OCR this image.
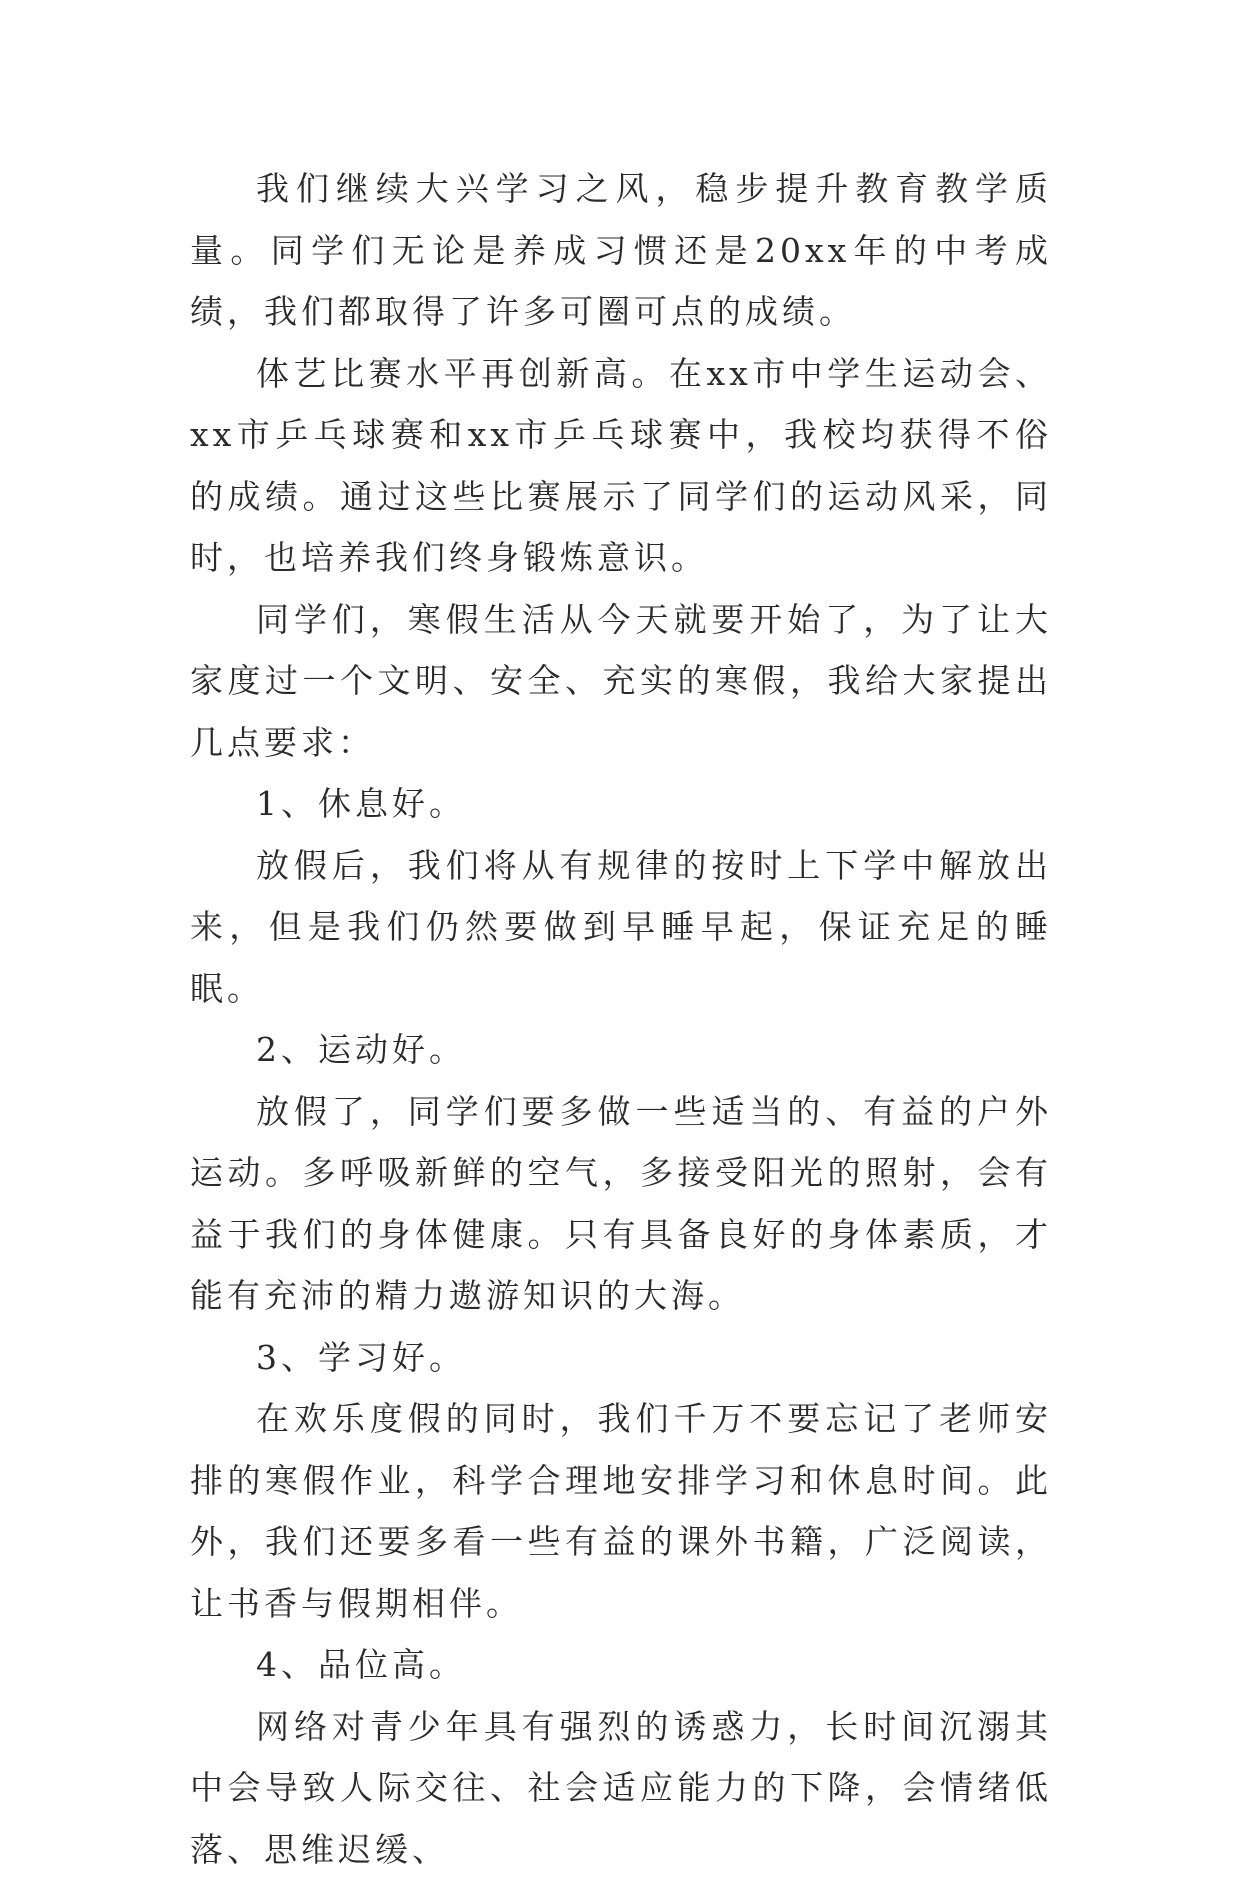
我们继续大兴学习之风，稳步提升教育教学质量。同学们无论是养成习惯还是20xx年的中考成绩，我们都取得了许多可圈可点的成绩。

体艺比赛水平再创新高。在xx市中学生运动会、xx市乒乓球赛和xx市乒乓球赛中，我校均获得不俗的成绩。通过这些比赛展示了同学们的运动风采，同时，也培养我们终身锻炼意识。

同学们，寒假生活从今天就要开始了，为了让大家度过一个文明、安全、充实的寒假，我给大家提出几点要求：

1、休息好。

放假后，我们将从有规律的按时上下学中解放出来，但是我们仍然要做到早睡早起，保证充足的睡眠。

2、运动好。

放假了，同学们要多做一些适当的、有益的户外运动。多呼吸新鲜的空气，多接受阳光的照射，会有益于我们的身体健康。只有具备良好的身体素质，才能有充沛的精力遨游知识的大海。

3、学习好。

在欢乐度假的同时，我们千万不要忘记了老师安排的寒假作业，科学合理地安排学习和休息时间。此外，我们还要多看一些有益的课外书籍，广泛阅读，让书香与假期相伴。

4、品位高。

网络对青少年具有强烈的诱惑力，长时间沉溺其中会导致人际交往、社会适应能力的下降，会情绪低落、思维迟缓、
